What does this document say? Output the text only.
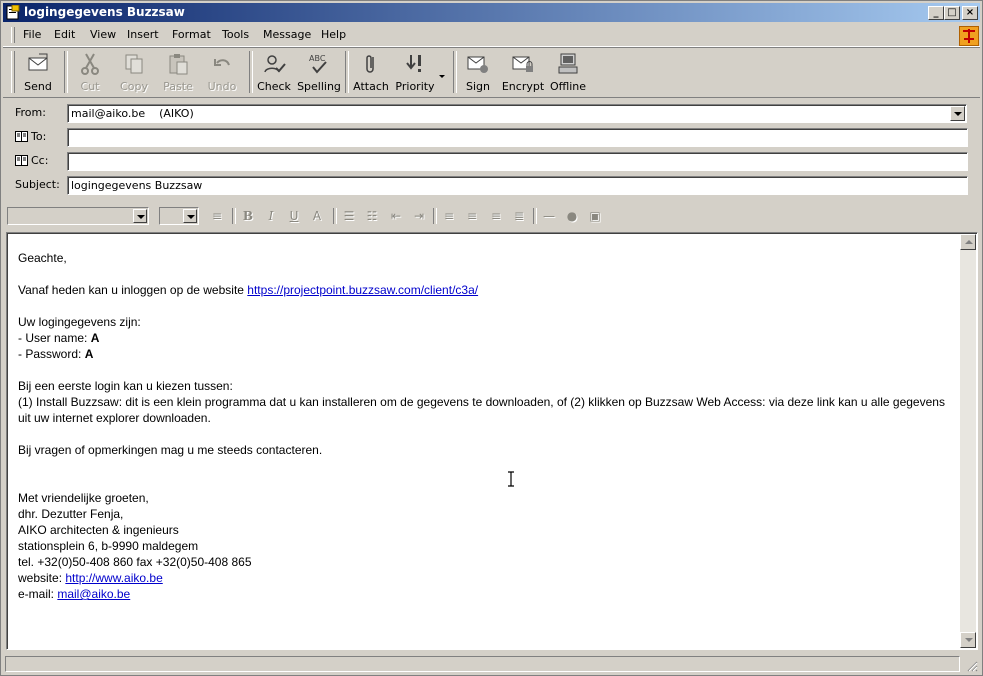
logingegevens Buzzsaw	_ □ ×
File Edit View Insert Format Tools Message Help
Send	Cut	Copy	Paste	Undo	Check
ABC
Spelling Attach Priority	Sign	Encrypt Offline
From:	mail@aiko.be    (AIKO)
To:
Cc:
Subject:
logingegevens Buzzsaw
≡	B	I	U	A	☰	☷	⇤	⇥	≡	≡	≡	≣	— ●	▣

Geachte,

Vanaf heden kan u inloggen op de website https://projectpoint.buzzsaw.com/client/c3a/

Uw logingegevens zijn:

- User name: A

- Password: A

Bij een eerste login kan u kiezen tussen:

(1) Install Buzzsaw: dit is een klein programma dat u kan installeren om de gegevens te downloaden, of (2) klikken op Buzzsaw Web Access: via deze link kan u alle gegevens uit uw internet explorer downloaden.

Bij vragen of opmerkingen mag u me steeds contacteren.

Met vriendelijke groeten,

dhr. Dezutter Fenja,

AIKO architecten & ingenieurs

stationsplein 6, b-9990 maldegem

tel. +32(0)50-408 860 fax +32(0)50-408 865

website: http://www.aiko.be

e-mail: mail@aiko.be
